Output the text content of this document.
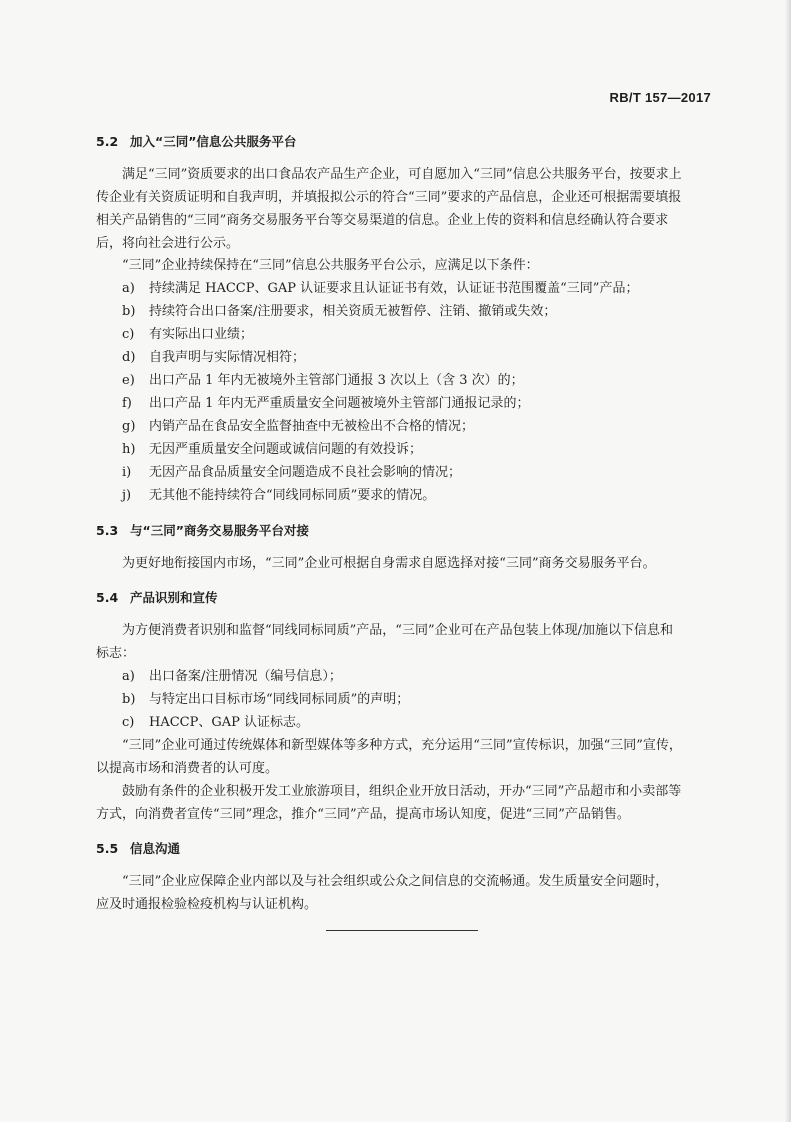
RB/T 157—2017
5.2 加入“三同”信息公共服务平台
满足“三同”资质要求的出口食品农产品生产企业，可自愿加入“三同”信息公共服务平台，按要求上
传企业有关资质证明和自我声明，并填报拟公示的符合“三同”要求的产品信息，企业还可根据需要填报
相关产品销售的“三同”商务交易服务平台等交易渠道的信息。企业上传的资料和信息经确认符合要求
后，将向社会进行公示。
“三同”企业持续保持在“三同”信息公共服务平台公示，应满足以下条件：
a) 持续满足 HACCP、GAP 认证要求且认证证书有效，认证证书范围覆盖“三同”产品；
b) 持续符合出口备案/注册要求，相关资质无被暂停、注销、撤销或失效；
c) 有实际出口业绩；
d) 自我声明与实际情况相符；
e) 出口产品 1 年内无被境外主管部门通报 3 次以上（含 3 次）的；
f) 出口产品 1 年内无严重质量安全问题被境外主管部门通报记录的；
g) 内销产品在食品安全监督抽查中无被检出不合格的情况；
h) 无因严重质量安全问题或诚信问题的有效投诉；
i) 无因产品食品质量安全问题造成不良社会影响的情况；
j) 无其他不能持续符合“同线同标同质”要求的情况。
5.3 与“三同”商务交易服务平台对接
为更好地衔接国内市场，“三同”企业可根据自身需求自愿选择对接“三同”商务交易服务平台。
5.4 产品识别和宣传
为方便消费者识别和监督“同线同标同质”产品，“三同”企业可在产品包装上体现/加施以下信息和
标志：
a) 出口备案/注册情况（编号信息）；
b) 与特定出口目标市场“同线同标同质”的声明；
c) HACCP、GAP 认证标志。
“三同”企业可通过传统媒体和新型媒体等多种方式，充分运用“三同”宣传标识，加强“三同”宣传，
以提高市场和消费者的认可度。
鼓励有条件的企业积极开发工业旅游项目，组织企业开放日活动，开办“三同”产品超市和小卖部等
方式，向消费者宣传“三同”理念，推介“三同”产品，提高市场认知度，促进“三同”产品销售。
5.5 信息沟通
“三同”企业应保障企业内部以及与社会组织或公众之间信息的交流畅通。发生质量安全问题时，
应及时通报检验检疫机构与认证机构。
